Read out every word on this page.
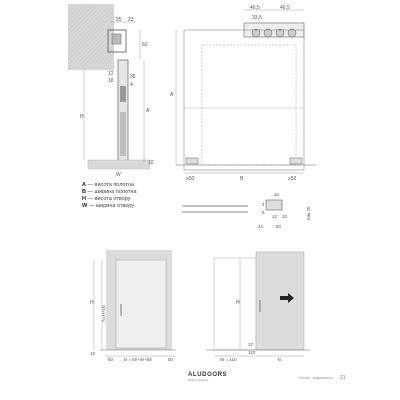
25 23
60
12
18
36
4
H
A
10
W
46,5	46,5
33,5
A
≥50	B	≥50
A — висота полотна
B — ширина полотна
H — висота отвору
W — ширина отвору
34
4
6
12 10
44	50
min 26
H
A=H+10
10
50 B = 50+W+50	50
H
10
W = 110
110
B
ALUDOORS
sliding systems	Техніка · відкривання 21
